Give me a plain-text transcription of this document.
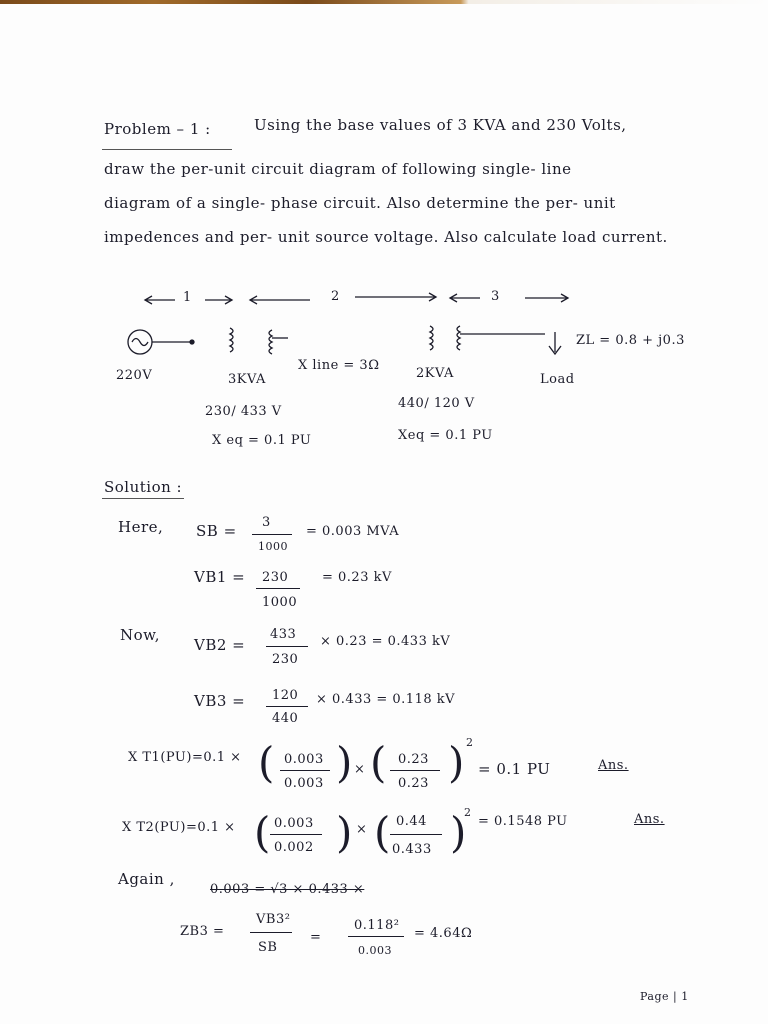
Problem – 1 :	Using the base values of 3 KVA and 230 Volts,
draw the per-unit circuit diagram of following single- line
diagram of a single- phase circuit. Also determine the per- unit
impedences and per- unit source voltage. Also calculate load current.
1	2	3
220V	3KVA
230/ 433 V
X eq = 0.1 PU
X line = 3Ω
2KVA
440/ 120 V
Xeq = 0.1 PU
ZL = 0.8 + j0.3
Load
Solution :
Here, SB = 3
1000
= 0.003 MVA
VB1 = 230
1000
= 0.23 kV
Now,
VB2 =
433
230
× 0.23 = 0.433 kV
VB3 = 120
440
× 0.433 = 0.118 kV
X T1(PU)=0.1 × ( 0.003
0.003 ) × ( 0.23
0.23 ) 2
= 0.1 PU	Ans.
X T2(PU)=0.1 × ( 0.003
0.002 ) × ( 0.44
0.433 )
2
= 0.1548 PU	Ans.
Again ,
0.003 = √3 × 0.433 ×
ZB3 =
VB3²
SB
=
0.118²
0.003
= 4.64Ω
Page | 1
